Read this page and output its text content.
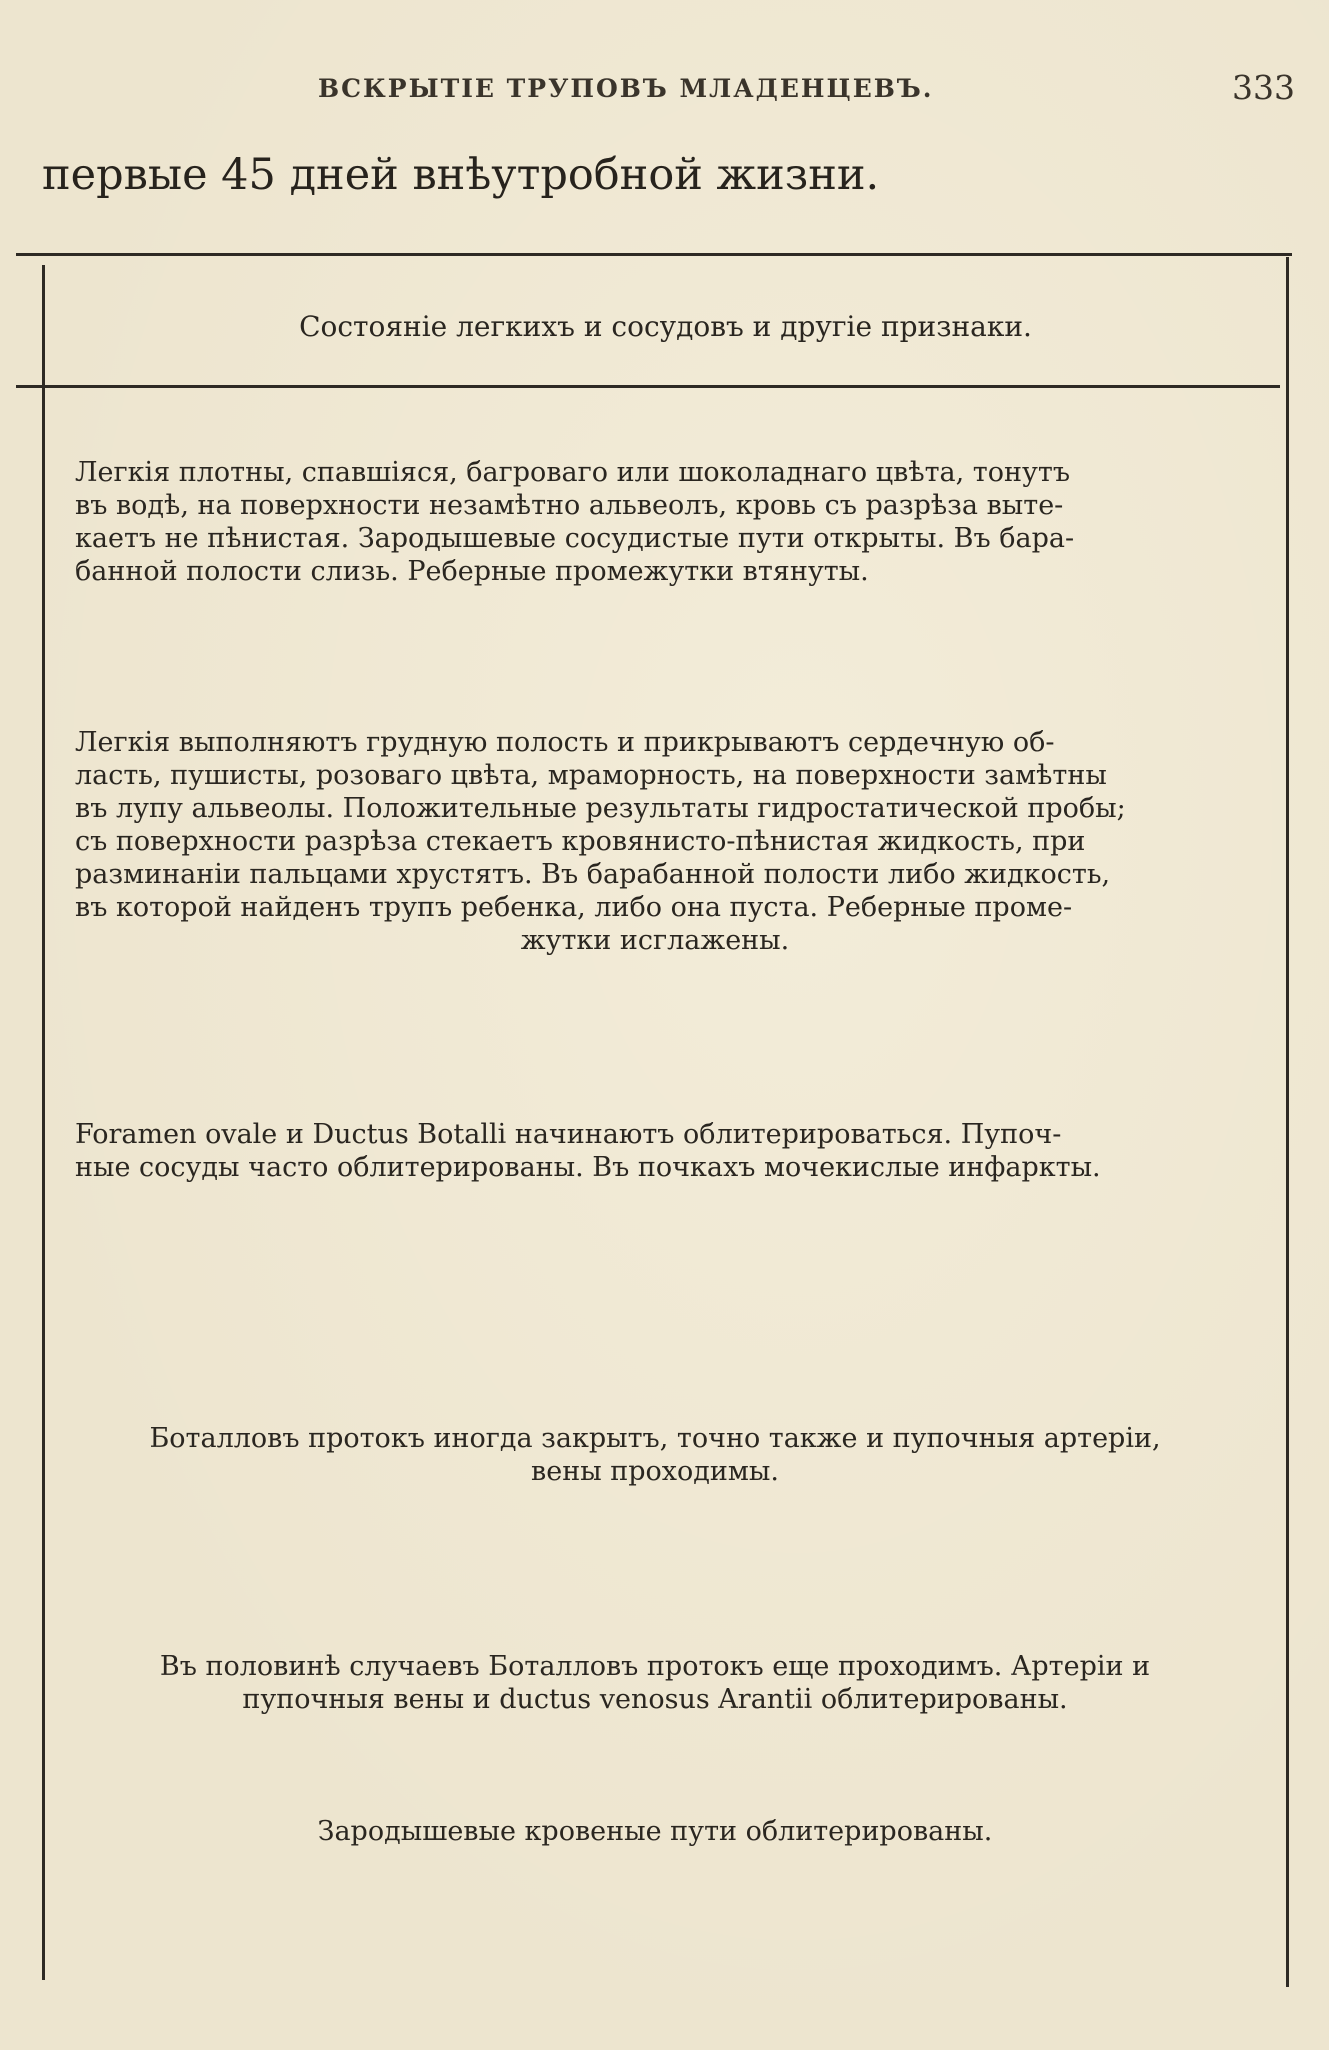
ВСКРЫТІЕ ТРУПОВЪ МЛАДЕНЦЕВЪ.	333
первые 45 дней внѣутробной жизни.
Состояніе легкихъ и сосудовъ и другіе признаки.
Легкія плотны, спавшіяся, багроваго или шоколаднаго цвѣта, тонутъ
въ водѣ, на поверхности незамѣтно альвеолъ, кровь съ разрѣза выте-
каетъ не пѣнистая. Зародышевые сосудистые пути открыты. Въ бара-
банной полости слизь. Реберные промежутки втянуты.
Легкія выполняютъ грудную полость и прикрываютъ сердечную об-
ласть, пушисты, розоваго цвѣта, мраморность, на поверхности замѣтны
въ лупу альвеолы. Положительные результаты гидростатической пробы;
съ поверхности разрѣза стекаетъ кровянисто-пѣнистая жидкость, при
разминаніи пальцами хрустятъ. Въ барабанной полости либо жидкость,
въ которой найденъ трупъ ребенка, либо она пуста. Реберные проме-
жутки исглажены.
Foramen ovale и Ductus Botalli начинаютъ облитерироваться. Пупоч-
ные сосуды часто облитерированы. Въ почкахъ мочекислые инфаркты.
Боталловъ протокъ иногда закрытъ, точно также и пупочныя артеріи,
вены проходимы.
Въ половинѣ случаевъ Боталловъ протокъ еще проходимъ. Артеріи и
пупочныя вены и ductus venosus Arantii облитерированы.
Зародышевые кровеные пути облитерированы.
